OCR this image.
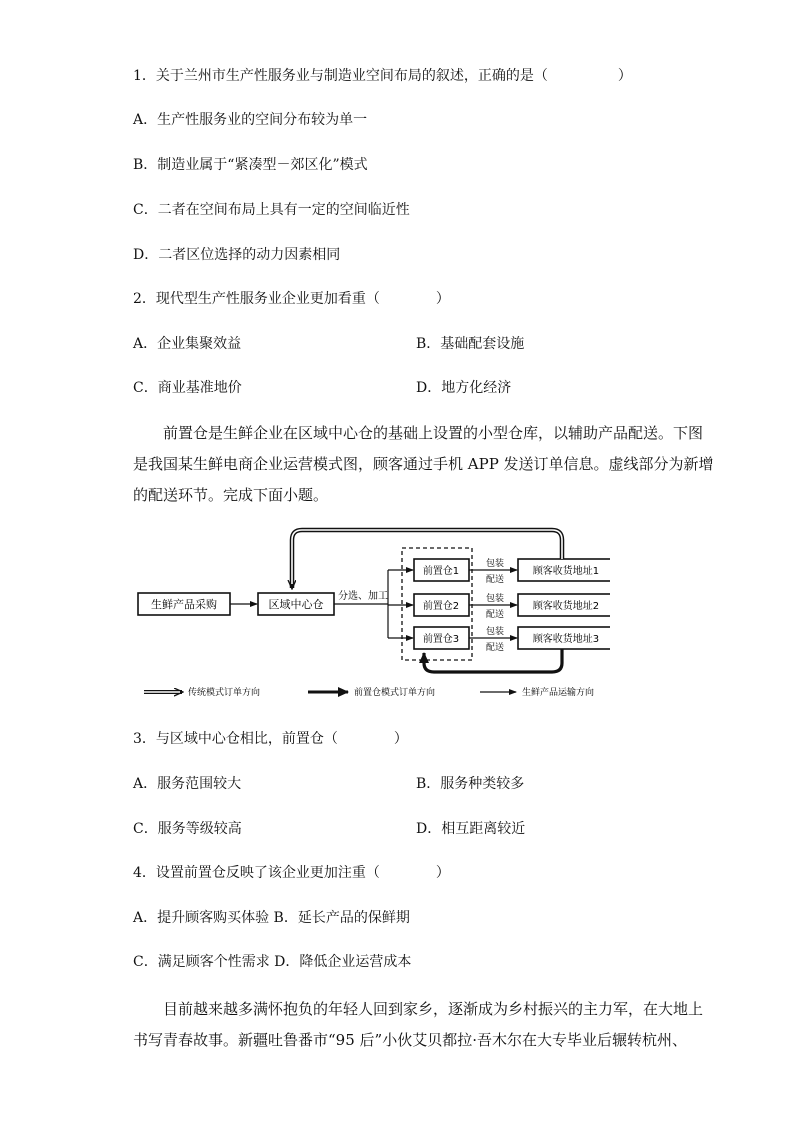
1．关于兰州市生产性服务业与制造业空间布局的叙述，正确的是（　　　　　）
A．生产性服务业的空间分布较为单一
B．制造业属于“紧凑型－郊区化”模式
C．二者在空间布局上具有一定的空间临近性
D．二者区位选择的动力因素相同
2．现代型生产性服务业企业更加看重（　　　　）
A．企业集聚效益	B．基础配套设施
C．商业基准地价	D．地方化经济

　　前置仓是生鲜企业在区域中心仓的基础上设置的小型仓库，以辅助产品配送。下图

是我国某生鲜电商企业运营模式图，顾客通过手机 APP 发送订单信息。虚线部分为新增

的配送环节。完成下面小题。

生鲜产品采购	区域中心仓
前置仓1
前置仓2
前置仓3
顾客收货地址1
顾客收货地址2
顾客收货地址3
分选、加工
包装
配送
包装
配送
包装
配送
传统模式订单方向	前置仓模式订单方向	生鲜产品运输方向
3．与区域中心仓相比，前置仓（　　　　）
A．服务范围较大	B．服务种类较多
C．服务等级较高	D．相互距离较近
4．设置前置仓反映了该企业更加注重（　　　　）
A．提升顾客购买体验 B．延长产品的保鲜期
C．满足顾客个性需求 D．降低企业运营成本

　　目前越来越多满怀抱负的年轻人回到家乡，逐渐成为乡村振兴的主力军，在大地上

书写青春故事。新疆吐鲁番市“95 后”小伙艾贝都拉·吾木尔在大专毕业后辗转杭州、
